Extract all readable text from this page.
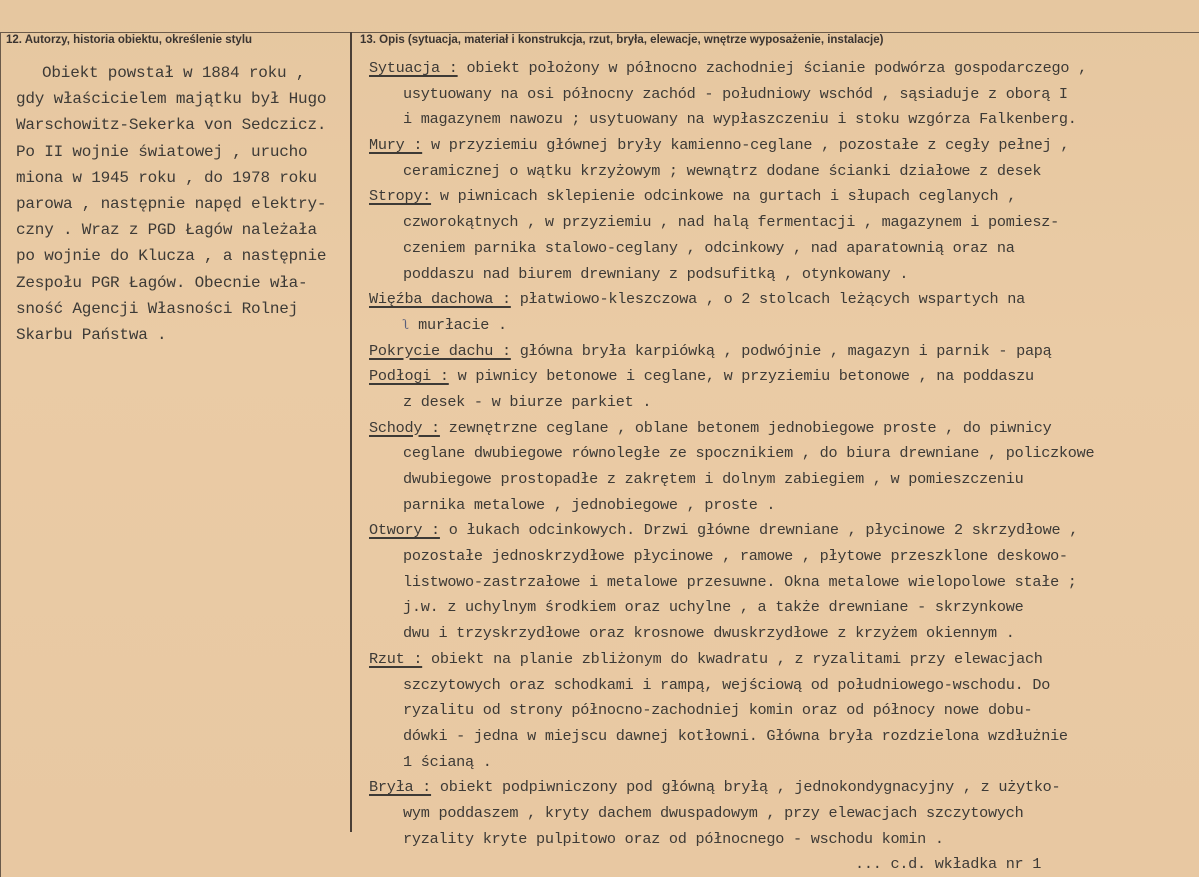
12. Autorzy, historia obiektu, określenie stylu	13. Opis (sytuacja, materiał i konstrukcja, rzut, bryła, elewacje, wnętrze wyposażenie, instalacje)
Obiekt powstał w 1884 roku ,
gdy właścicielem majątku był Hugo
Warschowitz-Sekerka von Sedczicz.
Po II wojnie światowej , urucho
miona w 1945 roku , do 1978 roku
parowa , następnie napęd elektry-
czny . Wraz z PGD Łagów należała
po wojnie do Klucza , a następnie
Zespołu PGR Łagów. Obecnie wła-
sność Agencji Własności Rolnej
Skarbu Państwa .
Sytuacja : obiekt położony w północno zachodniej ścianie podwórza gospodarczego ,
usytuowany na osi północny zachód - południowy wschód , sąsiaduje z oborą I
i magazynem nawozu ; usytuowany na wypłaszczeniu i stoku wzgórza Falkenberg.
Mury : w przyziemiu głównej bryły kamienno-ceglane , pozostałe z cegły pełnej ,
ceramicznej o wątku krzyżowym ; wewnątrz dodane ścianki działowe z desek
Stropy: w piwnicach sklepienie odcinkowe na gurtach i słupach ceglanych ,
czworokątnych , w przyziemiu , nad halą fermentacji , magazynem i pomiesz-
czeniem parnika stalowo-ceglany , odcinkowy , nad aparatownią oraz na
poddaszu nad biurem drewniany z podsufitką , otynkowany .
Więźba dachowa : płatwiowo-kleszczowa , o 2 stolcach leżących wspartych na
ʅ murłacie .
Pokrycie dachu : główna bryła karpiówką , podwójnie , magazyn i parnik - papą
Podłogi : w piwnicy betonowe i ceglane, w przyziemiu betonowe , na poddaszu
z desek - w biurze parkiet .
Schody : zewnętrzne ceglane , oblane betonem jednobiegowe proste , do piwnicy
ceglane dwubiegowe równoległe ze spocznikiem , do biura drewniane , policzkowe
dwubiegowe prostopadłe z zakrętem i dolnym zabiegiem , w pomieszczeniu
parnika metalowe , jednobiegowe , proste .
Otwory : o łukach odcinkowych. Drzwi główne drewniane , płycinowe 2 skrzydłowe ,
pozostałe jednoskrzydłowe płycinowe , ramowe , płytowe przeszklone deskowo-
listwowo-zastrzałowe i metalowe przesuwne. Okna metalowe wielopolowe stałe ;
j.w. z uchylnym środkiem oraz uchylne , a także drewniane - skrzynkowe
dwu i trzyskrzydłowe oraz krosnowe dwuskrzydłowe z krzyżem okiennym .
Rzut : obiekt na planie zbliżonym do kwadratu , z ryzalitami przy elewacjach
szczytowych oraz schodkami i rampą, wejściową od południowego-wschodu. Do
ryzalitu od strony północno-zachodniej komin oraz od północy nowe dobu-
dówki - jedna w miejscu dawnej kotłowni. Główna bryła rozdzielona wzdłużnie
1 ścianą .
Bryła : obiekt podpiwniczony pod główną bryłą , jednokondygnacyjny , z użytko-
wym poddaszem , kryty dachem dwuspadowym , przy elewacjach szczytowych
ryzality kryte pulpitowo oraz od północnego - wschodu komin .
... c.d. wkładka nr 1
